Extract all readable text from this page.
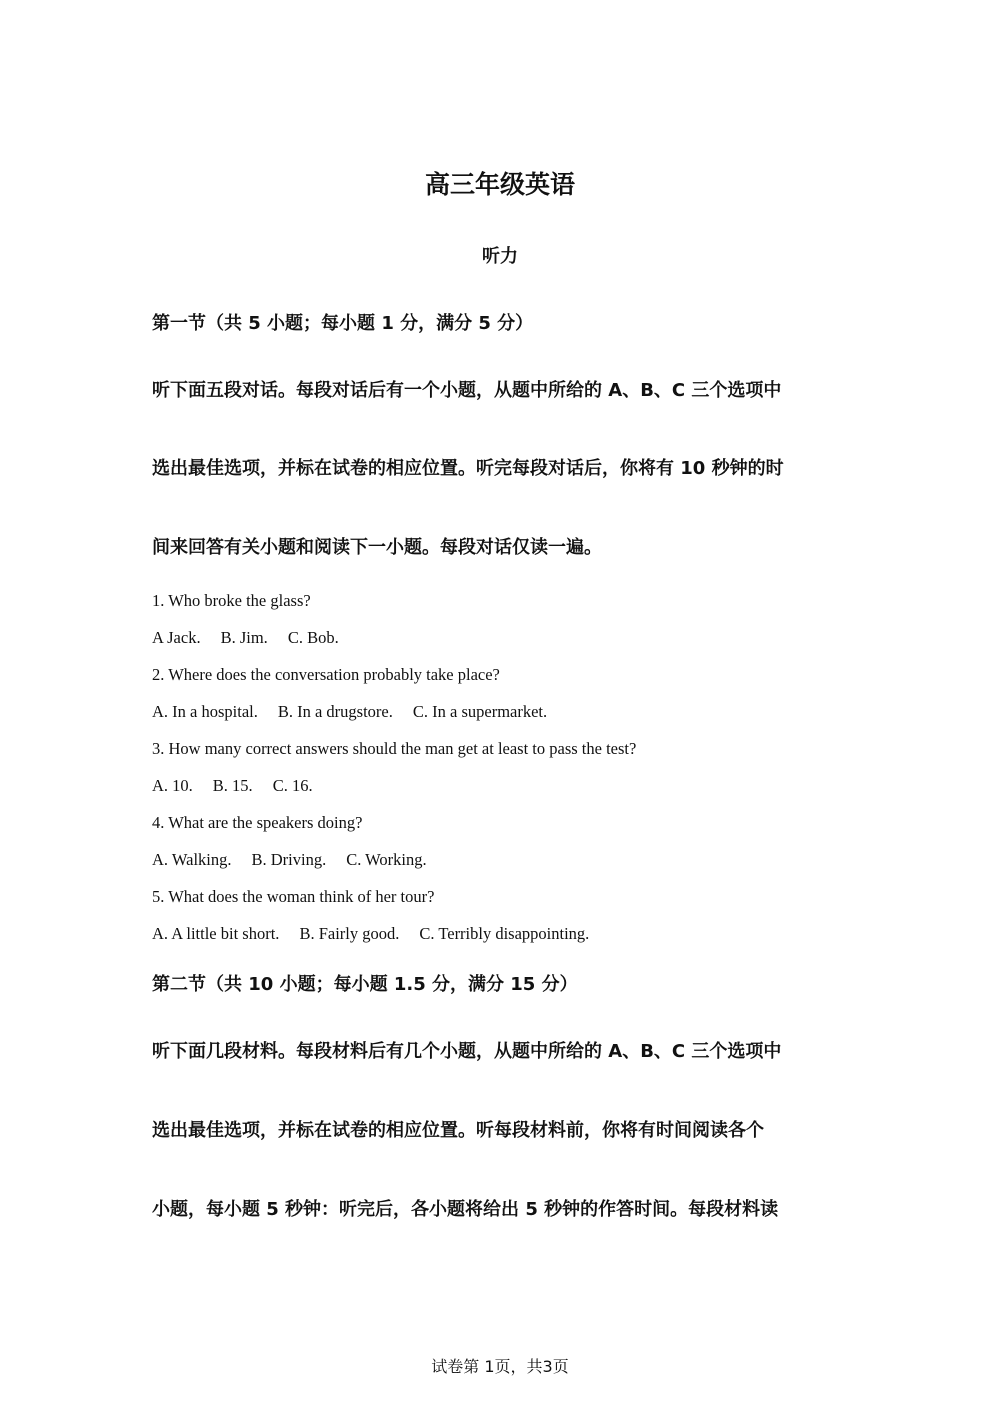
高三年级英语
听力

第一节（共 5 小题；每小题 1 分，满分 5 分）

听下面五段对话。每段对话后有一个小题，从题中所给的 A、B、C 三个选项中

选出最佳选项，并标在试卷的相应位置。听完每段对话后，你将有 10 秒钟的时

间来回答有关小题和阅读下一小题。每段对话仅读一遍。

1. Who broke the glass?

A Jack. B. Jim. C. Bob.

2. Where does the conversation probably take place?

A. In a hospital. B. In a drugstore. C. In a supermarket.

3. How many correct answers should the man get at least to pass the test?

A. 10. B. 15. C. 16.

4. What are the speakers doing?

A. Walking. B. Driving. C. Working.

5. What does the woman think of her tour?

A. A little bit short. B. Fairly good. C. Terribly disappointing.

第二节（共 10 小题；每小题 1.5 分，满分 15 分）

听下面几段材料。每段材料后有几个小题，从题中所给的 A、B、C 三个选项中

选出最佳选项，并标在试卷的相应位置。听每段材料前，你将有时间阅读各个

小题，每小题 5 秒钟：听完后，各小题将给出 5 秒钟的作答时间。每段材料读

试卷第 1页，共3页
